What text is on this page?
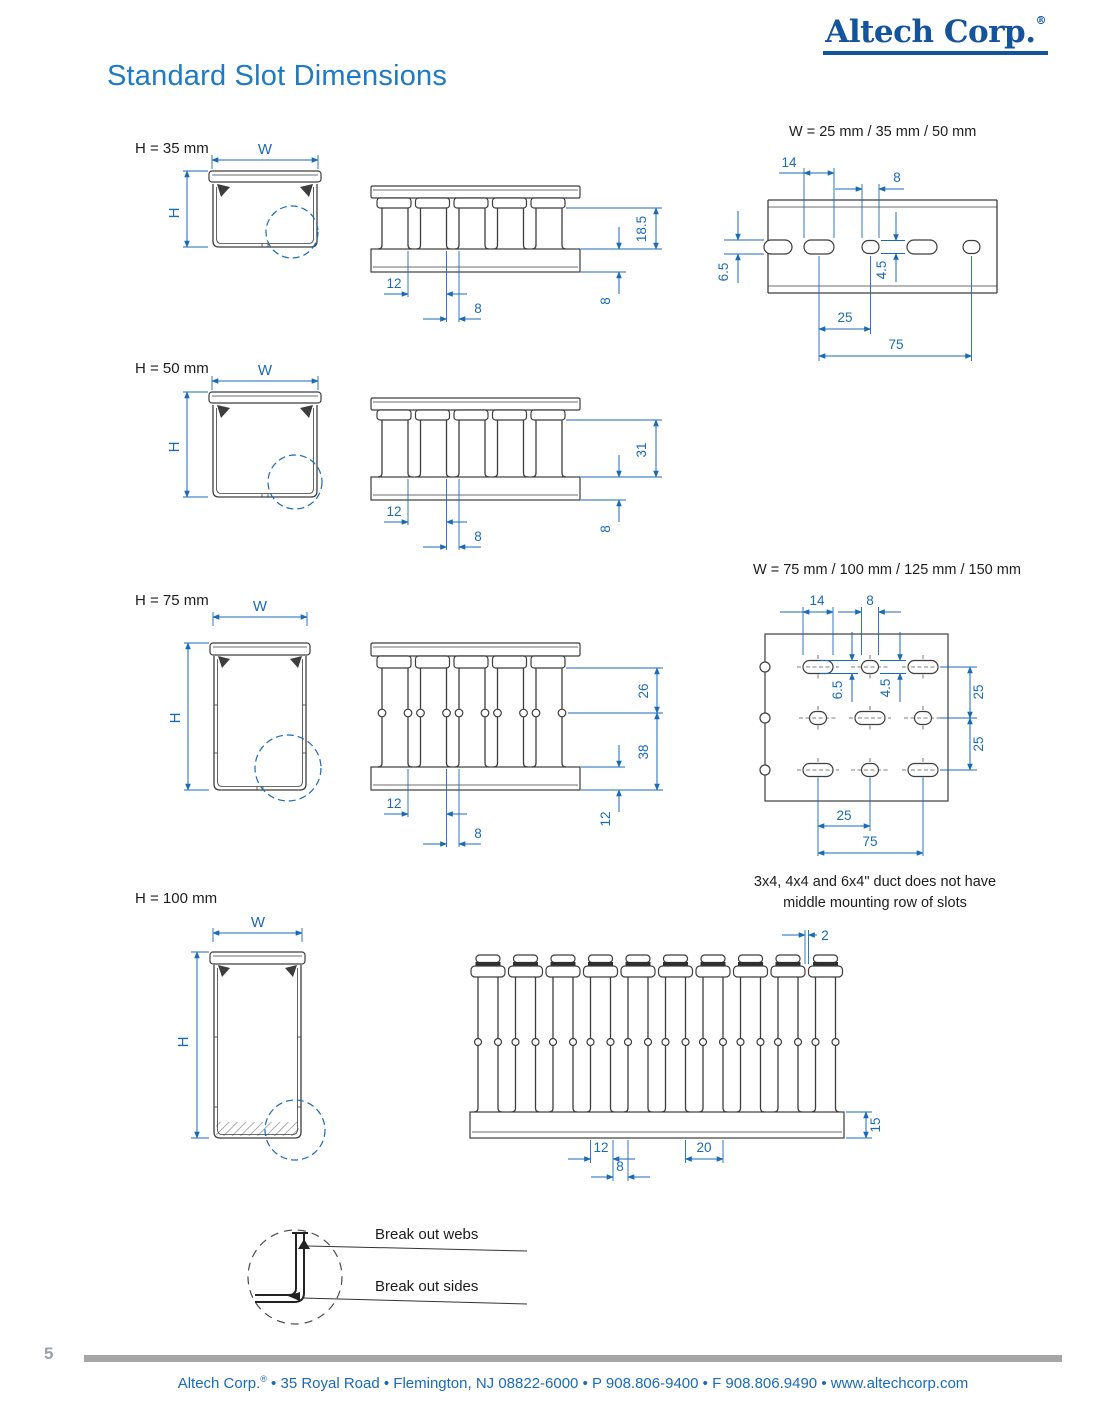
Altech Corp.®
Standard Slot Dimensions
H = 35 mm
H = 50 mm
H = 75 mm
H = 100 mm
W = 25 mm / 35 mm / 50 mm
W = 75 mm / 100 mm / 125 mm / 150 mm
W
H
18.5
8
12
8
14
8
6.5	4.5
25
75
W
H	31
8
12
8
14	8
6.5 4.5	25
25
25
75
3x4, 4x4 and 6x4" duct does not have
middle mounting row of slots
W
H
26
38
12
12
8
W
H
2
15
12
8
20
Break out webs
Break out sides
5
Altech Corp.® • 35 Royal Road • Flemington, NJ 08822-6000 • P 908.806-9400 • F 908.806.9490 • www.altechcorp.com
